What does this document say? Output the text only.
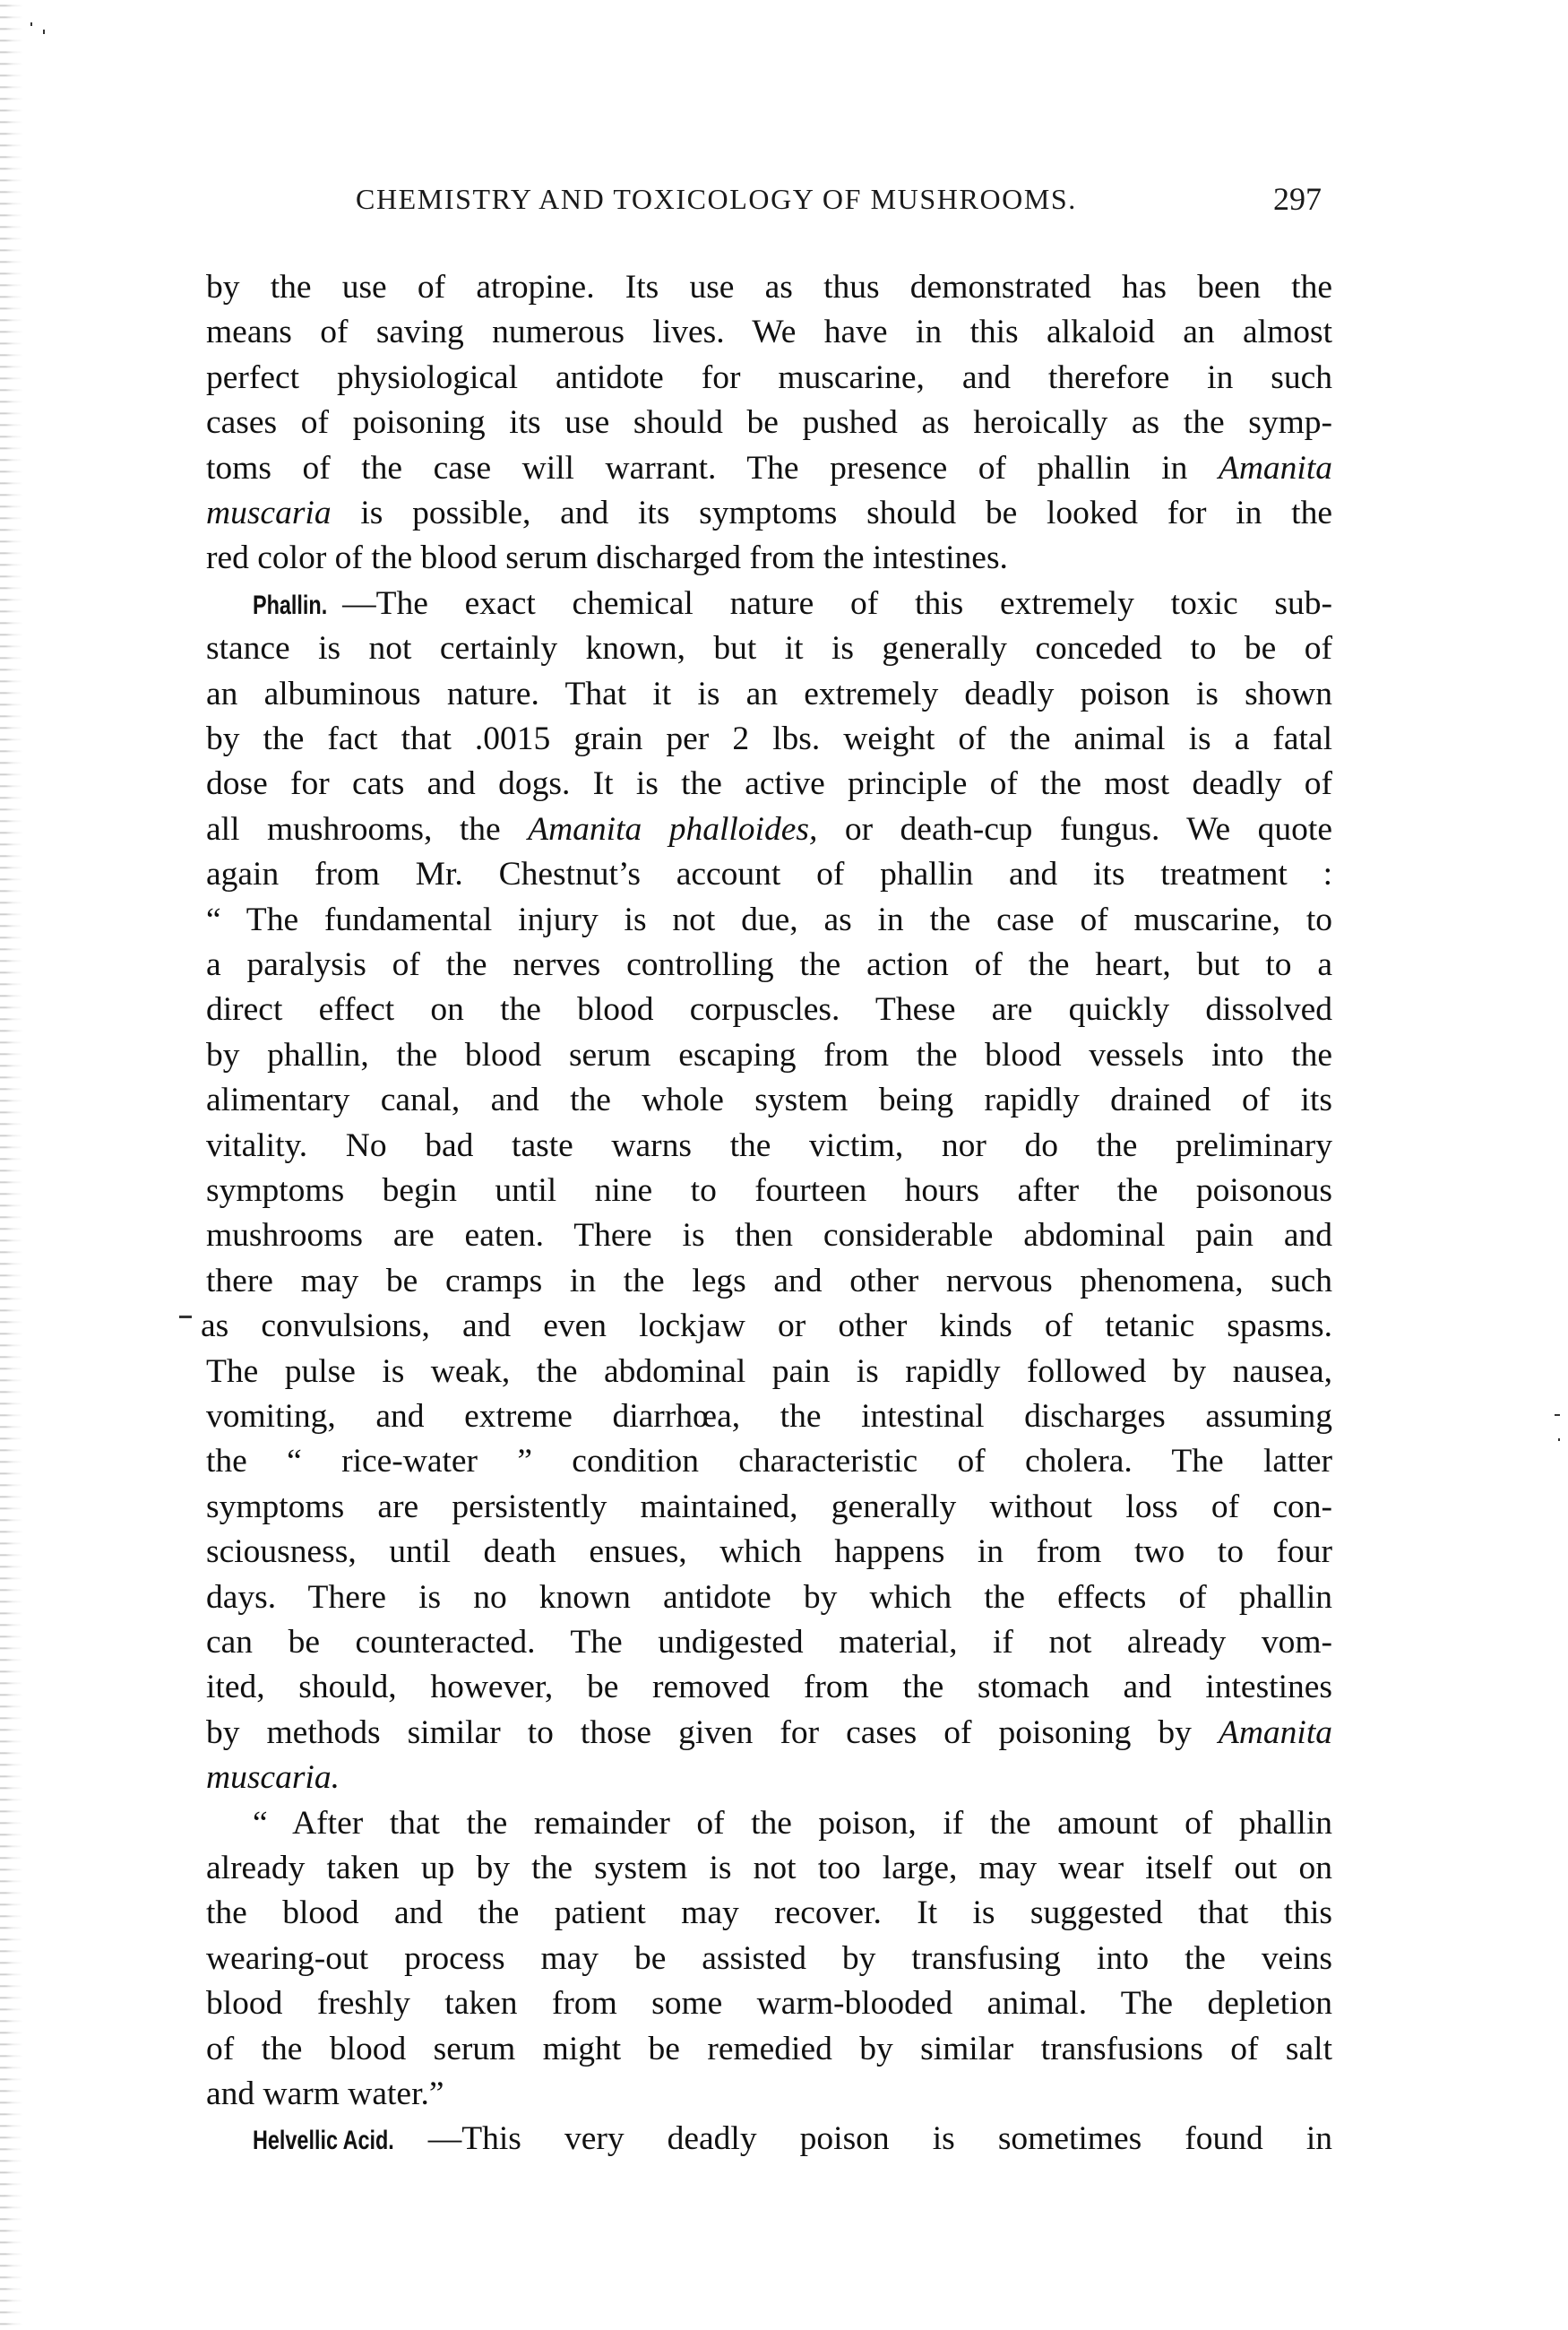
CHEMISTRY AND TOXICOLOGY OF MUSHROOMS.	297
by the use of atropine. Its use as thus demonstrated has been the
means of saving numerous lives. We have in this alkaloid an almost
perfect physiological antidote for muscarine, and therefore in such
cases of poisoning its use should be pushed as heroically as the symp-
toms of the case will warrant. The presence of phallin in Amanita
muscaria is possible, and its symptoms should be looked for in the
red color of the blood serum discharged from the intestines.
Phallin. —The exact chemical nature of this extremely toxic sub-
stance is not certainly known, but it is generally conceded to be of
an albuminous nature. That it is an extremely deadly poison is shown
by the fact that .0015 grain per 2 lbs. weight of the animal is a fatal
dose for cats and dogs. It is the active principle of the most deadly of
all mushrooms, the Amanita phalloides, or death-cup fungus. We quote
again from Mr. Chestnut’s account of phallin and its treatment :
“ The fundamental injury is not due, as in the case of muscarine, to
a paralysis of the nerves controlling the action of the heart, but to a
direct effect on the blood corpuscles. These are quickly dissolved
by phallin, the blood serum escaping from the blood vessels into the
alimentary canal, and the whole system being rapidly drained of its
vitality. No bad taste warns the victim, nor do the preliminary
symptoms begin until nine to fourteen hours after the poisonous
mushrooms are eaten. There is then considerable abdominal pain and
there may be cramps in the legs and other nervous phenomena, such
as convulsions, and even lockjaw or other kinds of tetanic spasms.
The pulse is weak, the abdominal pain is rapidly followed by nausea,
vomiting, and extreme diarrhœa, the intestinal discharges assuming
the “ rice-water ” condition characteristic of cholera. The latter
symptoms are persistently maintained, generally without loss of con-
sciousness, until death ensues, which happens in from two to four
days. There is no known antidote by which the effects of phallin
can be counteracted. The undigested material, if not already vom-
ited, should, however, be removed from the stomach and intestines
by methods similar to those given for cases of poisoning by Amanita
muscaria.
“ After that the remainder of the poison, if the amount of phallin
already taken up by the system is not too large, may wear itself out on
the blood and the patient may recover. It is suggested that this
wearing-out process may be assisted by transfusing into the veins
blood freshly taken from some warm-blooded animal. The depletion
of the blood serum might be remedied by similar transfusions of salt
and warm water.”
Helvellic Acid. —This very deadly poison is sometimes found in
